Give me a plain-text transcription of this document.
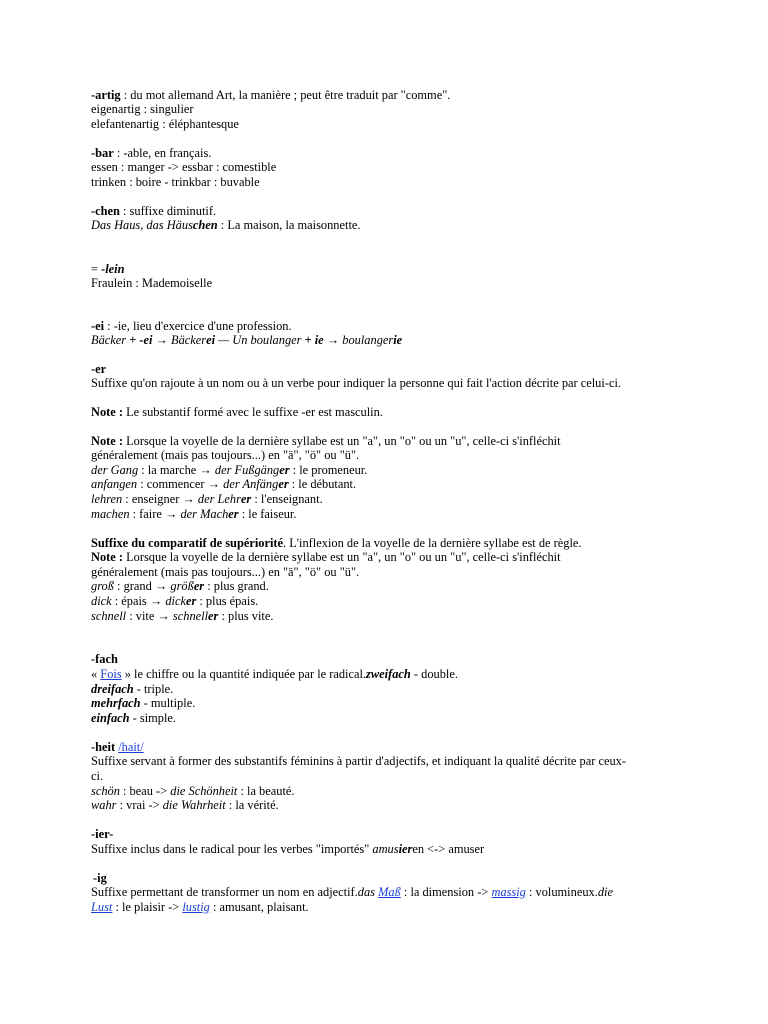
-artig : du mot allemand Art, la manière ; peut être traduit par "comme".
eigenartig : singulier
elefantenartig : éléphantesque
-bar : -able, en français.
essen : manger -> essbar : comestible
trinken : boire - trinkbar : buvable
-chen : suffixe diminutif.
Das Haus, das Häuschen : La maison, la maisonnette.
= -lein
Fraulein : Mademoiselle
-ei : -ie, lieu d'exercice d'une profession.
Bäcker + -ei → Bäckerei — Un boulanger + ie → boulangerie
-er
Suffixe qu'on rajoute à un nom ou à un verbe pour indiquer la personne qui fait l'action décrite par celui-ci.
Note : Le substantif formé avec le suffixe -er est masculin.
Note : Lorsque la voyelle de la dernière syllabe est un "a", un "o" ou un "u", celle-ci s'infléchit
généralement (mais pas toujours...) en "ä", "ö" ou "ü".
der Gang : la marche → der Fußgänger : le promeneur.
anfangen : commencer → der Anfänger : le débutant.
lehren : enseigner → der Lehrer : l'enseignant.
machen : faire → der Macher : le faiseur.
Suffixe du comparatif de supériorité. L'inflexion de la voyelle de la dernière syllabe est de règle.
Note : Lorsque la voyelle de la dernière syllabe est un "a", un "o" ou un "u", celle-ci s'infléchit
généralement (mais pas toujours...) en "ä", "ö" ou "ü".
groß : grand → größer : plus grand.
dick : épais → dicker : plus épais.
schnell : vite → schneller : plus vite.
-fach
« Fois » le chiffre ou la quantité indiquée par le radical.zweifach - double.
dreifach - triple.
mehrfach - multiple.
einfach - simple.
-heit /hait/
Suffixe servant à former des substantifs féminins à partir d'adjectifs, et indiquant la qualité décrite par ceux-
ci.
schön : beau -> die Schönheit : la beauté.
wahr : vrai -> die Wahrheit : la vérité.
-ier-
Suffixe inclus dans le radical pour les verbes "importés" amusieren <-> amuser
-ig
Suffixe permettant de transformer un nom en adjectif.das Maß : la dimension -> massig : volumineux.die
Lust : le plaisir -> lustig : amusant, plaisant.
